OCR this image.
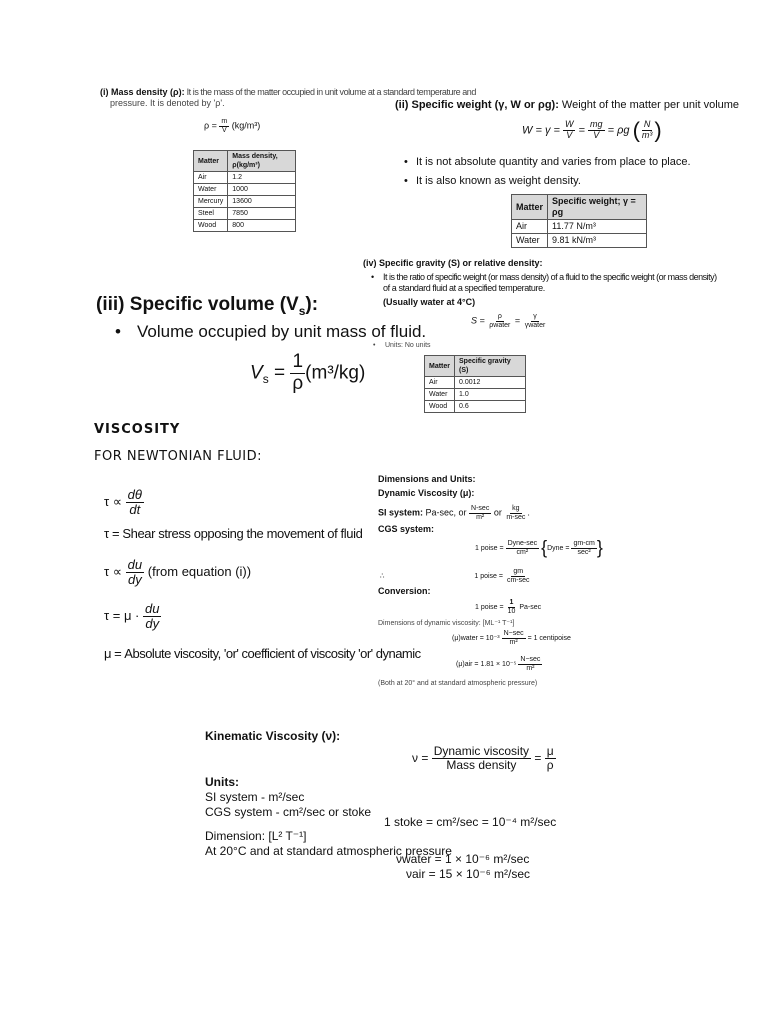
(i) Mass density (ρ): It is the mass of the matter occupied in unit volume at a standard temperature and
pressure. It is denoted by 'ρ'.
$\rho = \frac{m}{V} (kg/m^3)$
Matter	Mass density, ρ(kg/m³)
Air	1.2
Water	1000
Mercury	13600
Steel	7850
Wood	800
(ii) Specific weight (γ, W or ρg): Weight of the matter per unit volume
$W = \gamma = \frac{W}{V} = \frac{mg}{V} = \rho g$ ( $\frac{N}{\text{m³}}$ )
• It is not absolute quantity and varies from place to place.
• It is also known as weight density.
Matter	Specific weight; γ = ρg
Air	11.77 N/m³
Water	9.81 kN/m³
(iii) Specific volume $(V_s)$:
• Volume occupied by unit mass of fluid.
$V_s = \frac{1}{\rho} (m^3/kg)$
(iv) Specific gravity (S) or relative density:
• It is the ratio of specific weight (or mass density) of a fluid to the specific weight (or mass density)
of a standard fluid at a specified temperature.
(Usually water at 4°C)
$S = \frac{\rho}{\text{ρwater}} = \frac{\gamma}{\text{γwater}}$
• Units: No units
Matter	Specific gravity (S)
Air	0.0012
Water	1.0
Wood	0.6
VISCOSITY
FOR NEWTONIAN FLUID:
$\tau \propto \frac{d\theta}{dt}$
τ = Shear stress opposing the movement of fluid
$\tau \propto \frac{du}{dy}$ (from equation (i))
$\tau = \mu \cdot \frac{du}{dy}$
μ = Absolute viscosity, 'or' coefficient of viscosity 'or' dynamic
Dimensions and Units:
Dynamic Viscosity (μ):
SI system: Pa-sec, or $\frac{N-\sec}{\text{m²}}$ or $\frac{kg}{m-\sec}$ .
CGS system:
1 poise = $\frac{\text{Dyne-sec}}{\text{cm²}}$ {Dyne = $\frac{gm-cm}{\text{sec²}}$ }
∴	1 poise = $\frac{gm}{cm-\sec}$
Conversion:
1 poise = $\frac{1}{10} Pa-\sec$
Dimensions of dynamic viscosity: [ML⁻¹ T⁻¹]
(μ)water = $10^{-3} \frac{N-\sec}{\text{m²}} = 1$ centipoise
$(\mu)air = 1.81 \times 10^{-5} \frac{N-\sec}{\text{m²}}$
(Both at 20° and at standard atmospheric pressure)
Kinematic Viscosity (ν):
$\nu = \frac{\text{Dynamic viscosity}}{\text{Mass density}} = \frac{\mu}{\rho}$
Units:
SI system - m²/sec
CGS system - cm²/sec or stoke
1 stoke = cm²/sec = 10⁻⁴ m²/sec
Dimension: [L² T⁻¹]
At 20°C and at standard atmospheric pressure
νwater = 1 × 10⁻⁶ m²/sec
νair = 15 × 10⁻⁶ m²/sec
